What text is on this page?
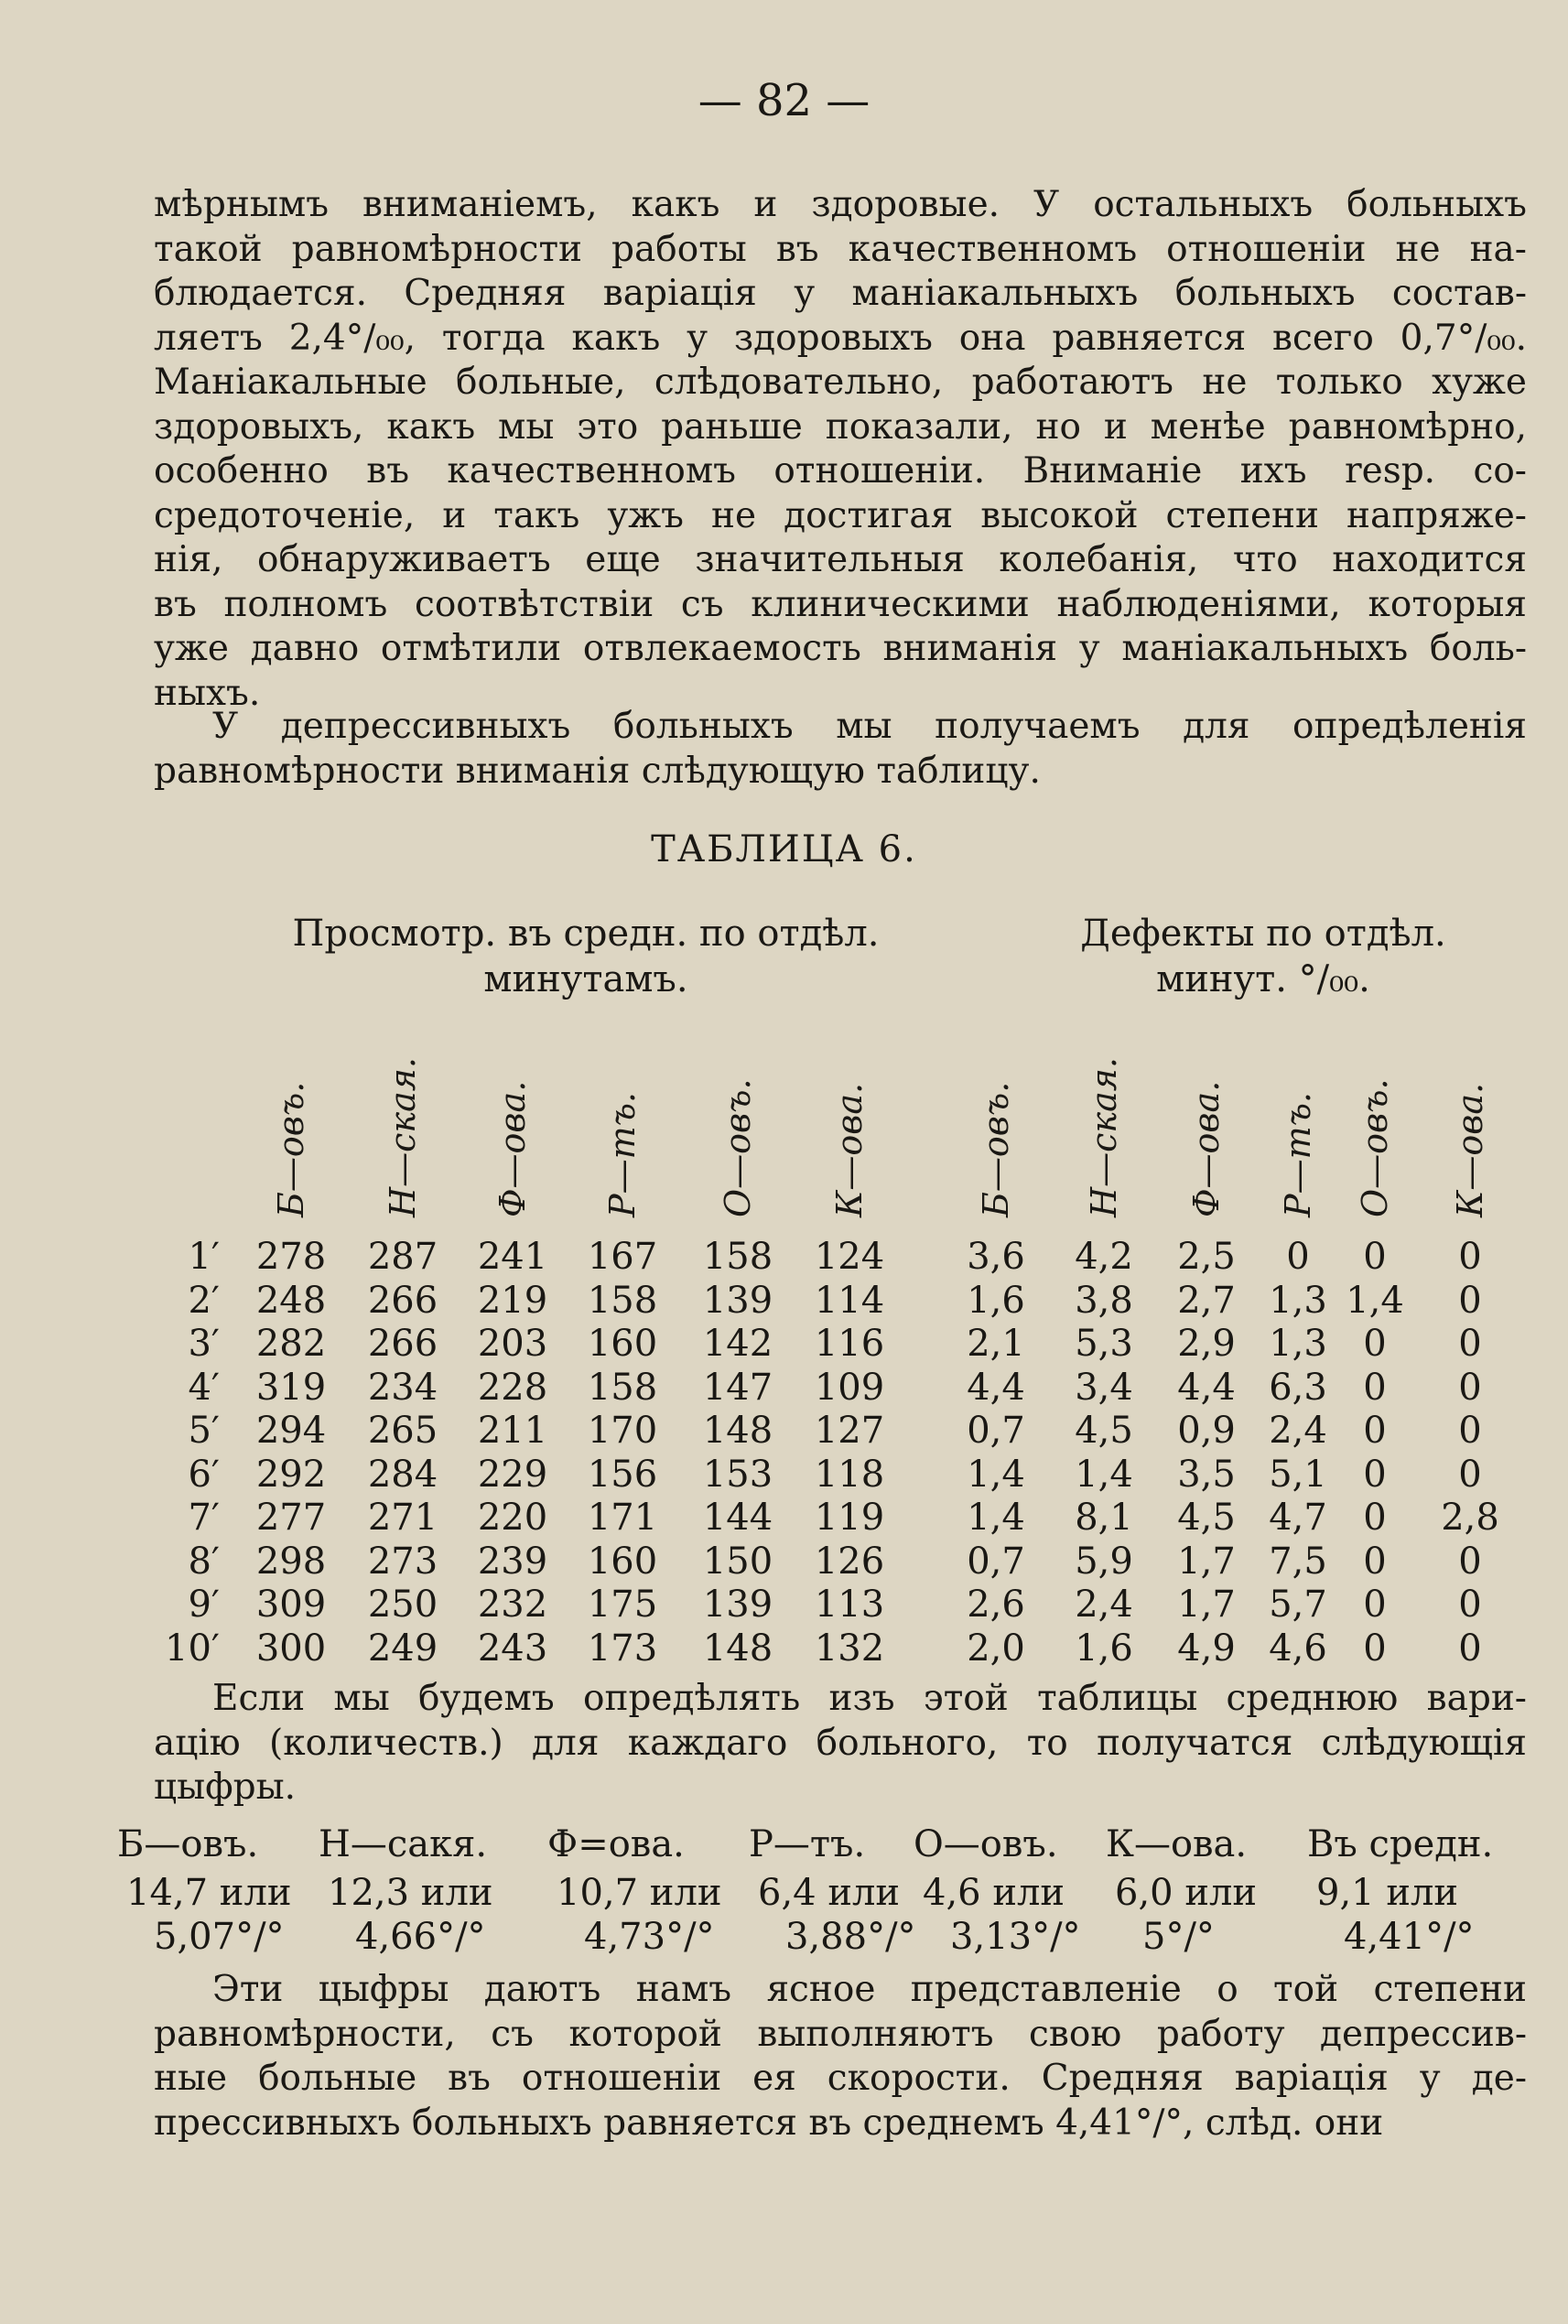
— 82 —
мѣрнымъ вниманіемъ, какъ и здоровые. У остальныхъ больныхъ
такой равномѣрности работы въ качественномъ отношеніи не на-
блюдается. Средняя варіація у маніакальныхъ больныхъ состав-
ляетъ 2,4°/₀₀, тогда какъ у здоровыхъ она равняется всего 0,7°/₀₀.
Маніакальные больные, слѣдовательно, работаютъ не только хуже
здоровыхъ, какъ мы это раньше показали, но и менѣе равномѣрно,
особенно въ качественномъ отношеніи. Вниманіе ихъ resp. со-
средоточеніе, и такъ ужъ не достигая высокой степени напряже-
нія, обнаруживаетъ еще значительныя колебанія, что находится
въ полномъ соотвѣтствіи съ клиническими наблюденіями, которыя
уже давно отмѣтили отвлекаемость вниманія у маніакальныхъ боль-
ныхъ.
У депрессивныхъ больныхъ мы получаемъ для опредѣленія
равномѣрности вниманія слѣдующую таблицу.
ТАБЛИЦА 6.
Просмотр. въ средн. по отдѣл.
минутамъ.
Дефекты по отдѣл.
минут. °/₀₀.
Б—овъ. Н—ская. Ф—ова. Р—тъ. О—овъ. К—ова.	Б—овъ. Н—ская. Ф—ова. Р—тъ. О—овъ. К—ова.
1′ 278	287	241	167	158	124	3,6	4,2	2,5	0	0	0
2′ 248	266	219	158	139	114	1,6	3,8	2,7 1,3 1,4	0
3′ 282	266	203	160	142	116	2,1	5,3	2,9 1,3 0	0
4′ 319	234	228	158	147	109	4,4	3,4	4,4 6,3 0	0
5′ 294	265	211	170	148	127	0,7	4,5	0,9 2,4 0	0
6′ 292	284	229	156	153	118	1,4	1,4	3,5 5,1 0	0
7′ 277	271	220	171	144	119	1,4	8,1	4,5 4,7 0	2,8
8′ 298	273	239	160	150	126	0,7	5,9	1,7 7,5 0	0
9′ 309	250	232	175	139	113	2,6	2,4	1,7 5,7 0	0
10′ 300	249	243	173	148	132	2,0	1,6	4,9 4,6 0	0
Если мы будемъ опредѣлять изъ этой таблицы среднюю вари-
ацію (количеств.) для каждаго больного, то получатся слѣдующія
цыфры.
Б—овъ. Н—сакя. Ф=ова. Р—тъ. О—овъ. К—ова. Въ средн.
14,7 или 12,3 или 10,7 или 6,4 или 4,6 или 6,0 или 9,1 или
5,07°/° 4,66°/°	4,73°/° 3,88°/° 3,13°/° 5°/°	4,41°/°
Эти цыфры даютъ намъ ясное представленіе о той степени
равномѣрности, съ которой выполняютъ свою работу депрессив-
ные больные въ отношеніи ея скорости. Средняя варіація у де-
прессивныхъ больныхъ равняется въ среднемъ 4,41°/°, слѣд. они
